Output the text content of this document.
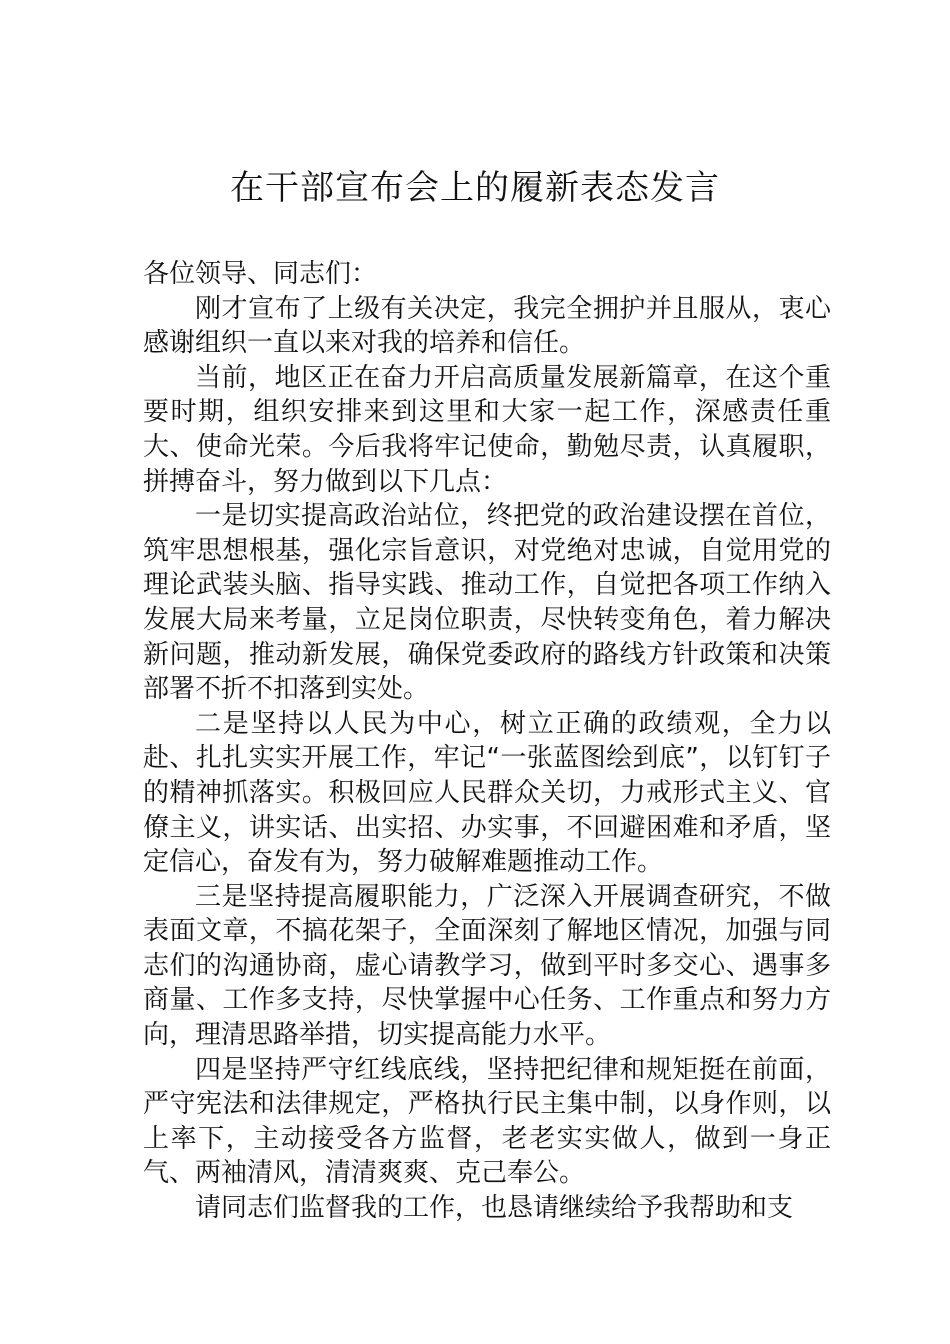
在干部宣布会上的履新表态发言

各位领导、同志们：

刚才宣布了上级有关决定，我完全拥护并且服从，衷心感谢组织一直以来对我的培养和信任。

当前，地区正在奋力开启高质量发展新篇章，在这个重要时期，组织安排来到这里和大家一起工作，深感责任重大、使命光荣。今后我将牢记使命，勤勉尽责，认真履职，拼搏奋斗，努力做到以下几点：

一是切实提高政治站位，终把党的政治建设摆在首位，筑牢思想根基，强化宗旨意识，对党绝对忠诚，自觉用党的理论武装头脑、指导实践、推动工作，自觉把各项工作纳入发展大局来考量，立足岗位职责，尽快转变角色，着力解决新问题，推动新发展，确保党委政府的路线方针政策和决策部署不折不扣落到实处。

二是坚持以人民为中心，树立正确的政绩观，全力以赴、扎扎实实开展工作，牢记“一张蓝图绘到底”，以钉钉子的精神抓落实。积极回应人民群众关切，力戒形式主义、官僚主义，讲实话、出实招、办实事，不回避困难和矛盾，坚定信心，奋发有为，努力破解难题推动工作。

三是坚持提高履职能力，广泛深入开展调查研究，不做表面文章，不搞花架子，全面深刻了解地区情况，加强与同志们的沟通协商，虚心请教学习，做到平时多交心、遇事多商量、工作多支持，尽快掌握中心任务、工作重点和努力方向，理清思路举措，切实提高能力水平。

四是坚持严守红线底线，坚持把纪律和规矩挺在前面，严守宪法和法律规定，严格执行民主集中制，以身作则，以上率下，主动接受各方监督，老老实实做人，做到一身正气、两袖清风，清清爽爽、克己奉公。

请同志们监督我的工作，也恳请继续给予我帮助和支
